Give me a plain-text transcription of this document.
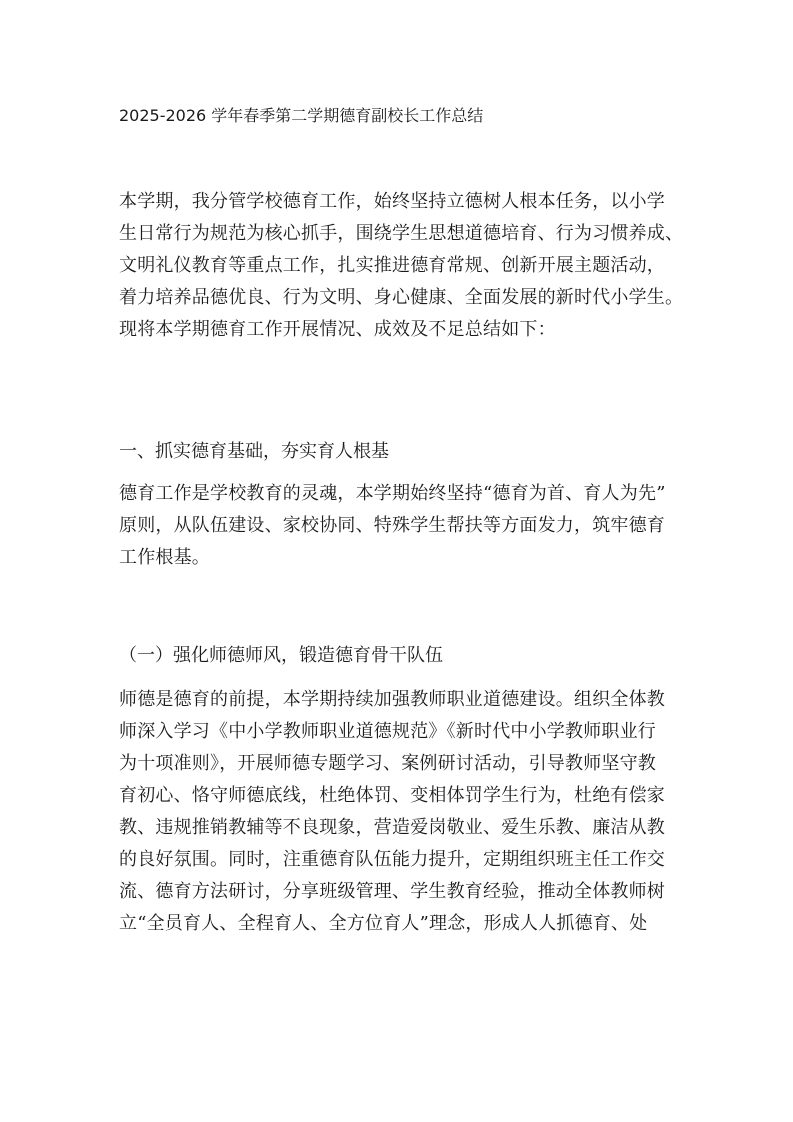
2025-2026 学年春季第二学期德育副校长工作总结
本学期，我分管学校德育工作，始终坚持立德树人根本任务，以小学
生日常行为规范为核心抓手，围绕学生思想道德培育、行为习惯养成、
文明礼仪教育等重点工作，扎实推进德育常规、创新开展主题活动，
着力培养品德优良、行为文明、身心健康、全面发展的新时代小学生。
现将本学期德育工作开展情况、成效及不足总结如下：
一、抓实德育基础，夯实育人根基
德育工作是学校教育的灵魂，本学期始终坚持“德育为首、育人为先”
原则，从队伍建设、家校协同、特殊学生帮扶等方面发力，筑牢德育
工作根基。
（一）强化师德师风，锻造德育骨干队伍
师德是德育的前提，本学期持续加强教师职业道德建设。组织全体教
师深入学习《中小学教师职业道德规范》《新时代中小学教师职业行
为十项准则》，开展师德专题学习、案例研讨活动，引导教师坚守教
育初心、恪守师德底线，杜绝体罚、变相体罚学生行为，杜绝有偿家
教、违规推销教辅等不良现象，营造爱岗敬业、爱生乐教、廉洁从教
的良好氛围。同时，注重德育队伍能力提升，定期组织班主任工作交
流、德育方法研讨，分享班级管理、学生教育经验，推动全体教师树
立“全员育人、全程育人、全方位育人”理念，形成人人抓德育、处
